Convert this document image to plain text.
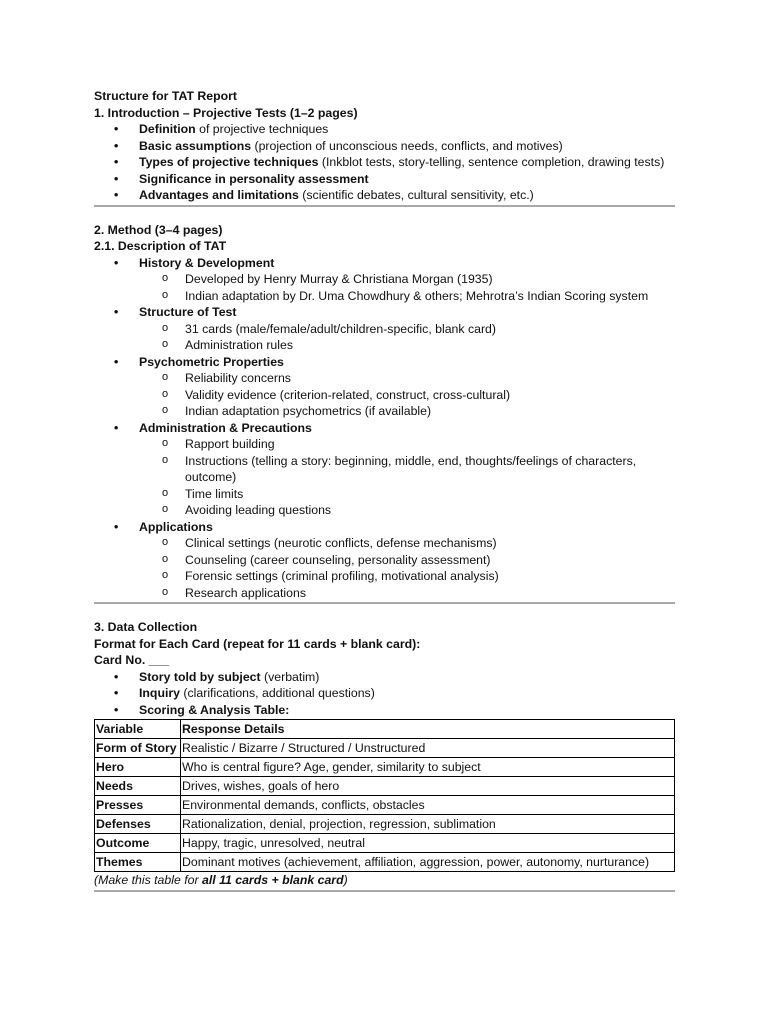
Structure for TAT Report
1. Introduction – Projective Tests (1–2 pages)
• Definition of projective techniques
• Basic assumptions (projection of unconscious needs, conflicts, and motives)
• Types of projective techniques (Inkblot tests, story-telling, sentence completion, drawing tests)
• Significance in personality assessment
• Advantages and limitations (scientific debates, cultural sensitivity, etc.)
2. Method (3–4 pages)
2.1. Description of TAT
• History & Development
o Developed by Henry Murray & Christiana Morgan (1935)
o Indian adaptation by Dr. Uma Chowdhury & others; Mehrotra’s Indian Scoring system
• Structure of Test
o 31 cards (male/female/adult/children-specific, blank card)
o Administration rules
• Psychometric Properties
o Reliability concerns
o Validity evidence (criterion-related, construct, cross-cultural)
o Indian adaptation psychometrics (if available)
• Administration & Precautions
o Rapport building
o Instructions (telling a story: beginning, middle, end, thoughts/feelings of characters, outcome)
o Time limits
o Avoiding leading questions
• Applications
o Clinical settings (neurotic conflicts, defense mechanisms)
o Counseling (career counseling, personality assessment)
o Forensic settings (criminal profiling, motivational analysis)
o Research applications
3. Data Collection
Format for Each Card (repeat for 11 cards + blank card):
Card No. ___
• Story told by subject (verbatim)
• Inquiry (clarifications, additional questions)
• Scoring & Analysis Table:
Variable	Response Details
Form of Story	Realistic / Bizarre / Structured / Unstructured
Hero	Who is central figure? Age, gender, similarity to subject
Needs	Drives, wishes, goals of hero
Presses	Environmental demands, conflicts, obstacles
Defenses	Rationalization, denial, projection, regression, sublimation
Outcome	Happy, tragic, unresolved, neutral
Themes	Dominant motives (achievement, affiliation, aggression, power, autonomy, nurturance)
(Make this table for all 11 cards + blank card)
